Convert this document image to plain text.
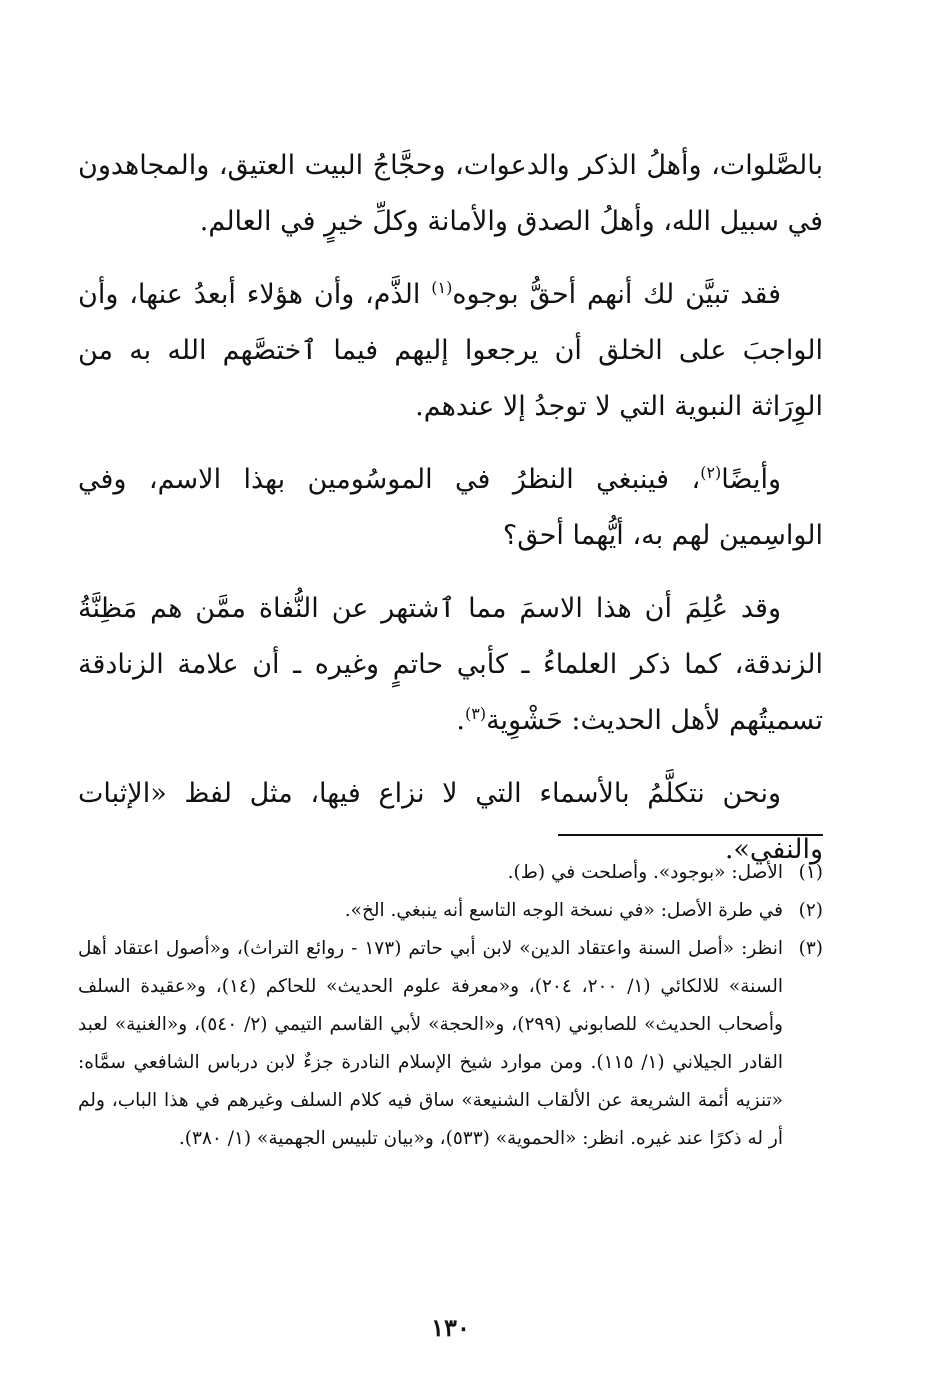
بالصَّلوات، وأهلُ الذكر والدعوات، وحجَّاجُ البيت العتيق، والمجاهدون في سبيل الله، وأهلُ الصدق والأمانة وكلِّ خيرٍ في العالم.

فقد تبيَّن لك أنهم أحقُّ بوجوه$^{(١)}$ الذَّم، وأن هؤلاء أبعدُ عنها، وأن الواجبَ على الخلق أن يرجعوا إليهم فيما ٱختصَّهم الله به من الوِرَاثة النبوية التي لا توجدُ إلا عندهم.

وأيضًا$^{(٢)}$، فينبغي النظرُ في الموسُومين بهذا الاسم، وفي الواسِمين لهم به، أيُّهما أحق؟

وقد عُلِمَ أن هذا الاسمَ مما ٱشتهر عن النُّفاة ممَّن هم مَظِنَّةُ الزندقة، كما ذكر العلماءُ ـ كأبي حاتمٍ وغيره ـ أن علامة الزنادقة تسميتُهم لأهل الحديث: حَشْوِية$^{(٣)}$.

ونحن نتكلَّمُ بالأسماء التي لا نزاع فيها، مثل لفظ «الإثبات والنفي».

(١)
الأصل: «بوجود». وأصلحت في (ط).
(٢)
في طرة الأصل: «في نسخة الوجه التاسع أنه ينبغي. الخ».
(٣)
انظر: «أصل السنة واعتقاد الدين» لابن أبي حاتم (١٧٣ - روائع التراث)، و«أصول اعتقاد أهل السنة» للالكائي (١/ ٢٠٠، ٢٠٤)، و«معرفة علوم الحديث» للحاكم (١٤)، و«عقيدة السلف وأصحاب الحديث» للصابوني (٢٩٩)، و«الحجة» لأبي القاسم التيمي (٢/ ٥٤٠)، و«الغنية» لعبد القادر الجيلاني (١/ ١١٥). ومن موارد شيخ الإسلام النادرة جزءٌ لابن درباس الشافعي سمَّاه: «تنزيه أئمة الشريعة عن الألقاب الشنيعة» ساق فيه كلام السلف وغيرهم في هذا الباب، ولم أر له ذكرًا عند غيره. انظر: «الحموية» (٥٣٣)، و«بيان تلبيس الجهمية» (١/ ٣٨٠).
١٣٠
